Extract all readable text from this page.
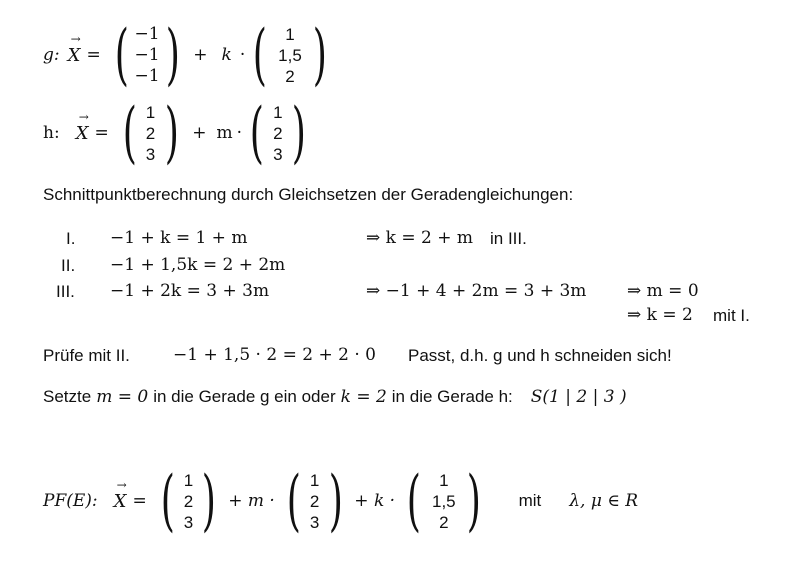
g: → X = ( −1
−1
−1 ) + k · ( 1
1,5
2 )
h: → X = ( 1
2
3 ) + m · ( 1
2
3 )
Schnittpunktberechnung durch Gleichsetzen der Geradengleichungen:
I. −1 + k = 1 + m	⇒ k = 2 + m in III.
II. −1 + 1,5k = 2 + 2m
III. −1 + 2k = 3 + 3m	⇒ −1 + 4 + 2m = 3 + 3m ⇒ m = 0
⇒ k = 2 mit I.
Prüfe mit II.	−1 + 1,5 · 2 = 2 + 2 · 0 Passt, d.h. g und h schneiden sich!
Setzte m = 0 in die Gerade g ein oder k = 2 in die Gerade h: S(1 | 2 | 3 )
PF(E): → X = ( 1
2
3 ) + m · ( 1
2
3 ) + k · ( 1
1,5
2 ) mit λ, μ ∈ R
